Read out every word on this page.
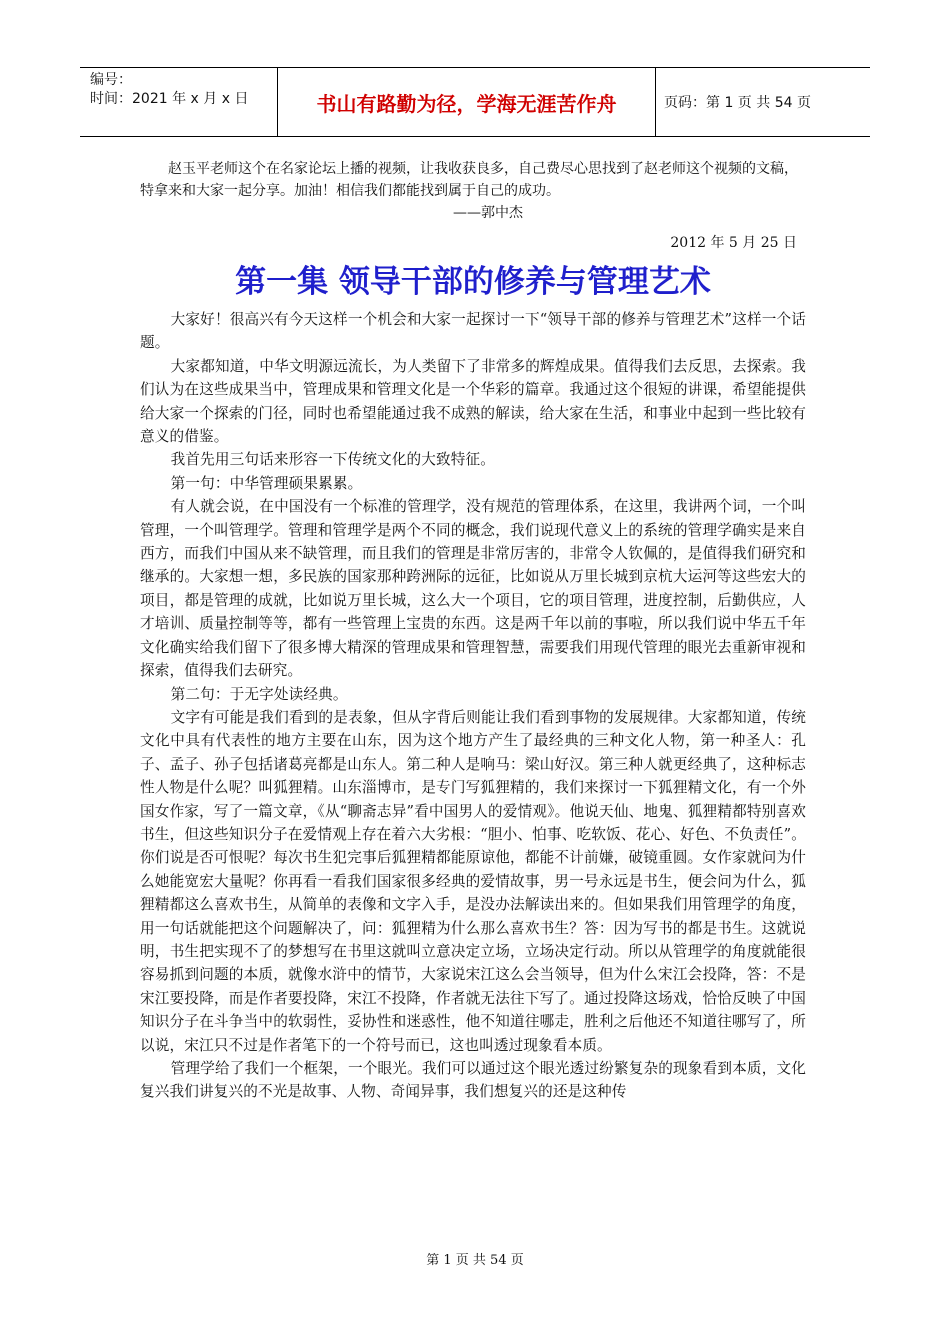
编号：
时间：2021 年 x 月 x 日	书山有路勤为径，学海无涯苦作舟	页码：第 1 页 共 54 页

赵玉平老师这个在名家论坛上播的视频，让我收获良多，自己费尽心思找到了赵老师这个视频的文稿，特拿来和大家一起分享。加油！相信我们都能找到属于自己的成功。

——郭中杰

2012 年 5 月 25 日

第一集 领导干部的修养与管理艺术

大家好！很高兴有今天这样一个机会和大家一起探讨一下“领导干部的修养与管理艺术”这样一个话题。

大家都知道，中华文明源远流长，为人类留下了非常多的辉煌成果。值得我们去反思，去探索。我们认为在这些成果当中，管理成果和管理文化是一个华彩的篇章。我通过这个很短的讲课，希望能提供给大家一个探索的门径，同时也希望能通过我不成熟的解读，给大家在生活，和事业中起到一些比较有意义的借鉴。

我首先用三句话来形容一下传统文化的大致特征。

第一句：中华管理硕果累累。

有人就会说，在中国没有一个标准的管理学，没有规范的管理体系，在这里，我讲两个词，一个叫管理，一个叫管理学。管理和管理学是两个不同的概念，我们说现代意义上的系统的管理学确实是来自西方，而我们中国从来不缺管理，而且我们的管理是非常厉害的，非常令人钦佩的，是值得我们研究和继承的。大家想一想，多民族的国家那种跨洲际的远征，比如说从万里长城到京杭大运河等这些宏大的项目，都是管理的成就，比如说万里长城，这么大一个项目，它的项目管理，进度控制，后勤供应，人才培训、质量控制等等，都有一些管理上宝贵的东西。这是两千年以前的事啦，所以我们说中华五千年文化确实给我们留下了很多博大精深的管理成果和管理智慧，需要我们用现代管理的眼光去重新审视和探索，值得我们去研究。

第二句：于无字处读经典。

文字有可能是我们看到的是表象，但从字背后则能让我们看到事物的发展规律。大家都知道，传统文化中具有代表性的地方主要在山东，因为这个地方产生了最经典的三种文化人物，第一种圣人：孔子、孟子、孙子包括诸葛亮都是山东人。第二种人是响马：梁山好汉。第三种人就更经典了，这种标志性人物是什么呢？叫狐狸精。山东淄博市，是专门写狐狸精的，我们来探讨一下狐狸精文化，有一个外国女作家，写了一篇文章，《从“聊斋志异”看中国男人的爱情观》。他说天仙、地鬼、狐狸精都特别喜欢书生，但这些知识分子在爱情观上存在着六大劣根：“胆小、怕事、吃软饭、花心、好色、不负责任”。你们说是否可恨呢？每次书生犯完事后狐狸精都能原谅他，都能不计前嫌，破镜重圆。女作家就问为什么她能宽宏大量呢？你再看一看我们国家很多经典的爱情故事，男一号永远是书生，便会问为什么，狐狸精都这么喜欢书生，从简单的表像和文字入手，是没办法解读出来的。但如果我们用管理学的角度，用一句话就能把这个问题解决了，问：狐狸精为什么那么喜欢书生？答：因为写书的都是书生。这就说明，书生把实现不了的梦想写在书里这就叫立意决定立场，立场决定行动。所以从管理学的角度就能很容易抓到问题的本质，就像水浒中的情节，大家说宋江这么会当领导，但为什么宋江会投降，答：不是宋江要投降，而是作者要投降，宋江不投降，作者就无法往下写了。通过投降这场戏，恰恰反映了中国知识分子在斗争当中的软弱性，妥协性和迷惑性，他不知道往哪走，胜利之后他还不知道往哪写了，所以说，宋江只不过是作者笔下的一个符号而已，这也叫透过现象看本质。

管理学给了我们一个框架，一个眼光。我们可以通过这个眼光透过纷繁复杂的现象看到本质，文化复兴我们讲复兴的不光是故事、人物、奇闻异事，我们想复兴的还是这种传

第 1 页 共 54 页
